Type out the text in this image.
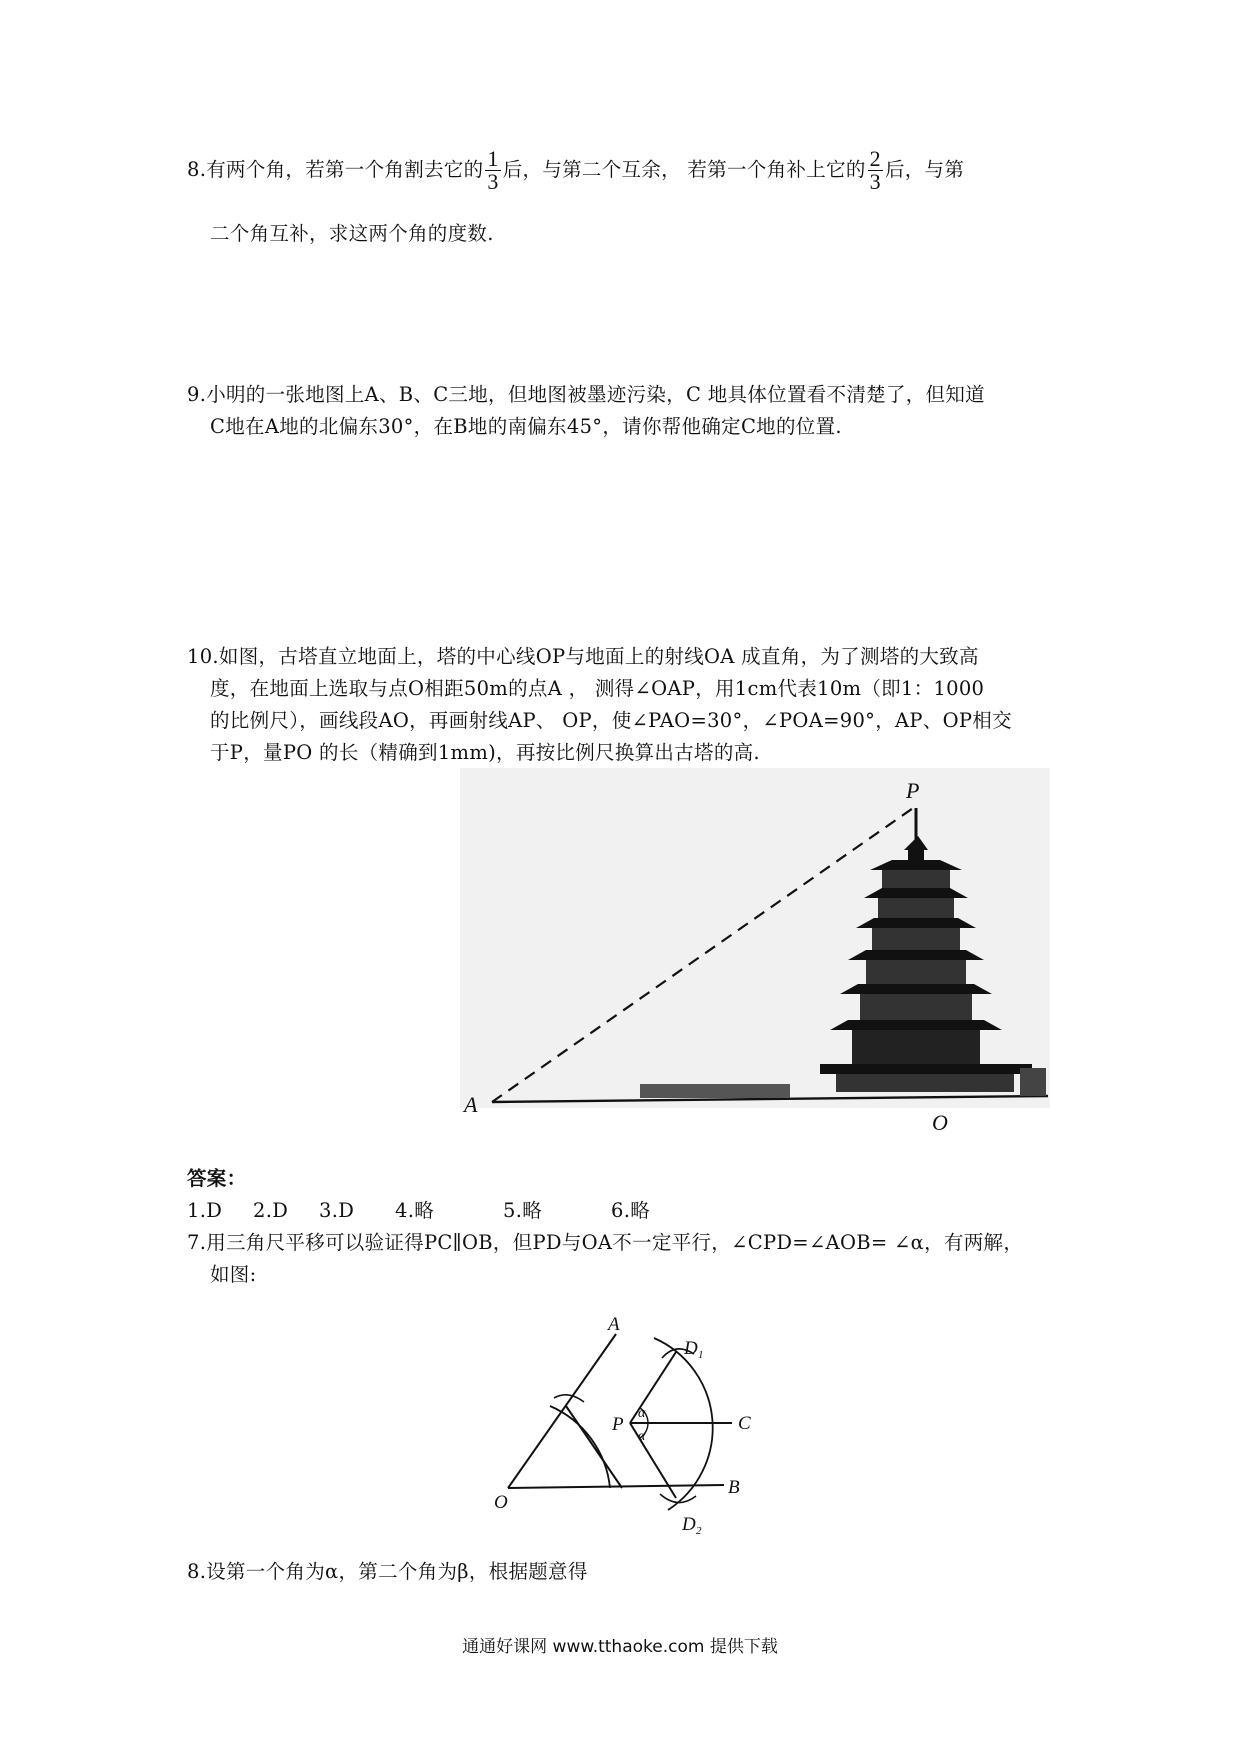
8.有两个角，若第一个角割去它的 $\frac{1}{3}$ 后，与第二个互余， 若第一个角补上它的 $\frac{2}{3}$ 后，与第
二个角互补，求这两个角的度数.
9.小明的一张地图上A、B、C三地，但地图被墨迹污染，C 地具体位置看不清楚了，但知道
C地在A地的北偏东30°，在B地的南偏东45°，请你帮他确定C地的位置.
10.如图，古塔直立地面上，塔的中心线OP与地面上的射线OA 成直角，为了测塔的大致高
度，在地面上选取与点O相距50m的点A ， 测得∠OAP，用1cm代表10m（即1：1000
的比例尺），画线段AO，再画射线AP、 OP，使∠PAO=30°，∠POA=90°，AP、OP相交
于P，量PO 的长（精确到1mm)，再按比例尺换算出古塔的高.
P
A
O
答案：
1.D 2.D 3.D 4.略	5.略	6.略
7.用三角尺平移可以验证得PC∥OB，但PD与OA不一定平行，∠CPD=∠AOB= ∠α，有两解，
如图:
A
D 1
P	C
α
α
O
B
D 2
8.设第一个角为α，第二个角为β，根据题意得
通通好课网 www.tthaoke.com 提供下载
